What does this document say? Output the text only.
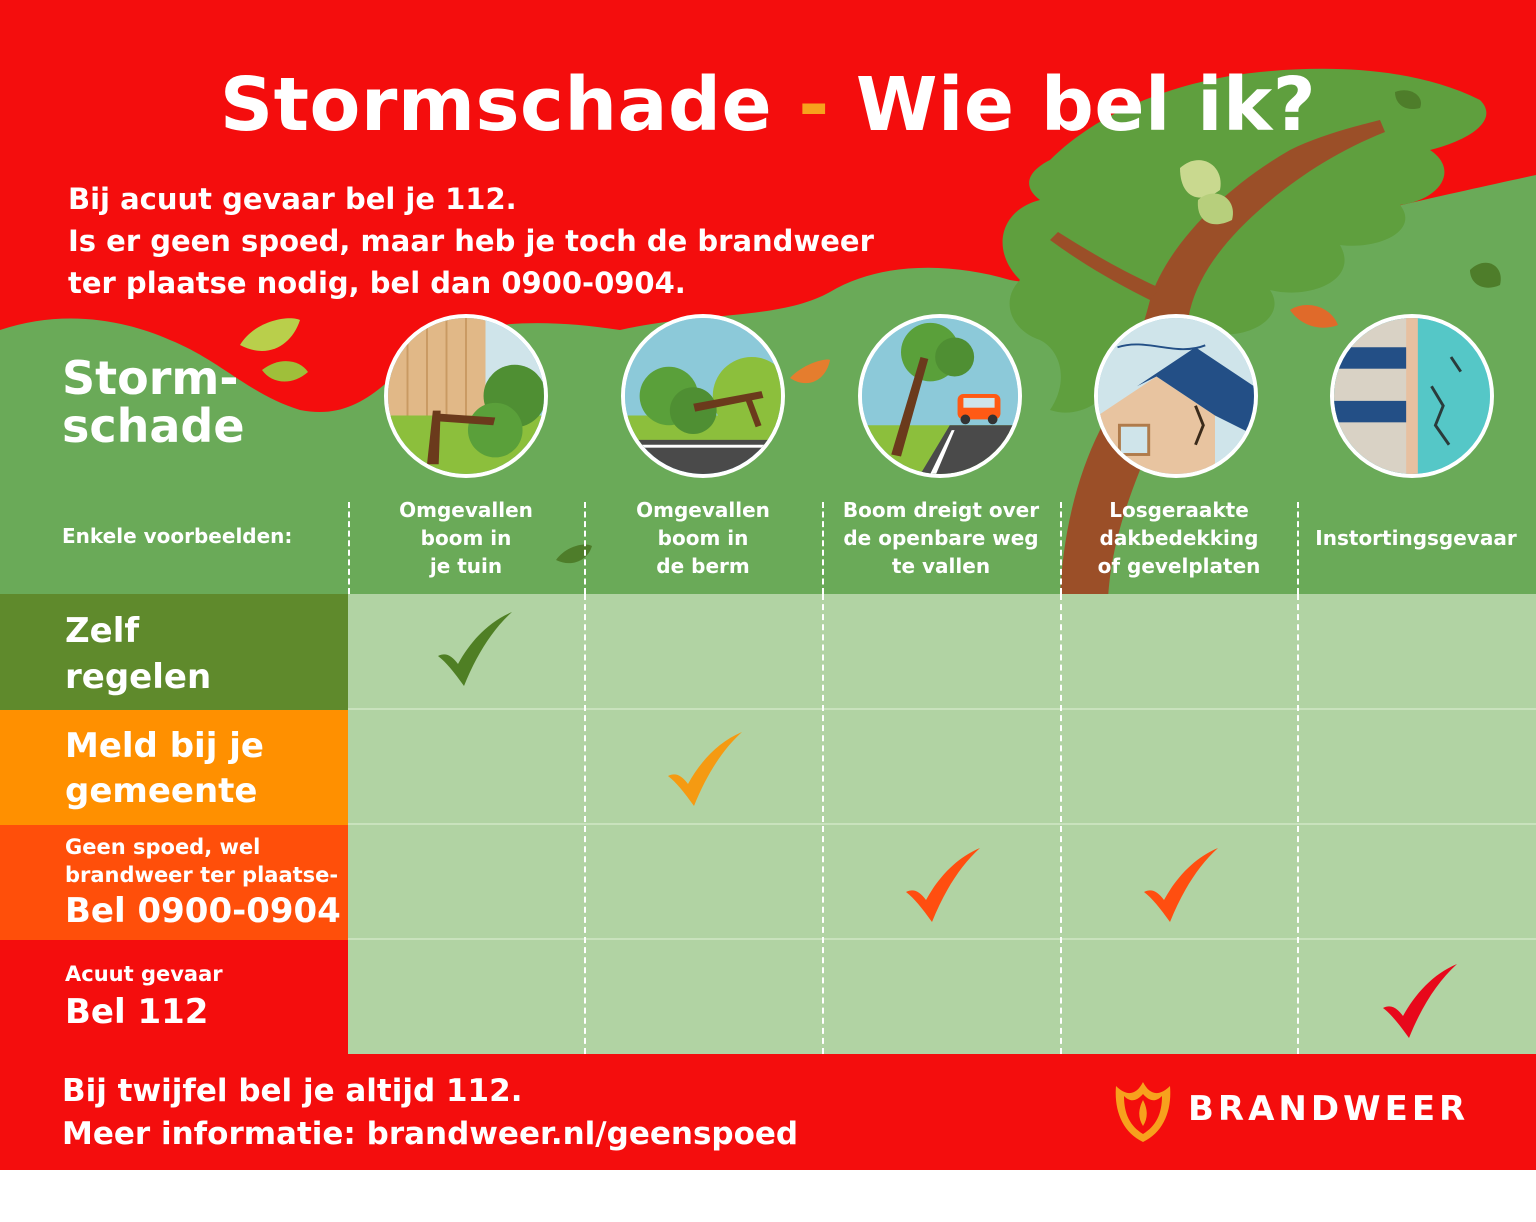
Stormschade - Wie bel ik?
Bij acuut gevaar bel je 112.
Is er geen spoed, maar heb je toch de brandweer
ter plaatse nodig, bel dan 0900-0904.
Storm-
schade
Enkele voorbeelden:
Omgevallen
boom in
je tuin
Omgevallen
boom in
de berm
Boom dreigt over
de openbare weg
te vallen
Losgeraakte
dakbedekking
of gevelplaten
Instortingsgevaar
Zelf
regelen
Meld bij je
gemeente
Geen spoed, wel
brandweer ter plaatse-
Bel 0900-0904
Acuut gevaar
Bel 112
Bij twijfel bel je altijd 112.
Meer informatie: brandweer.nl/geenspoed
BRANDWEER
